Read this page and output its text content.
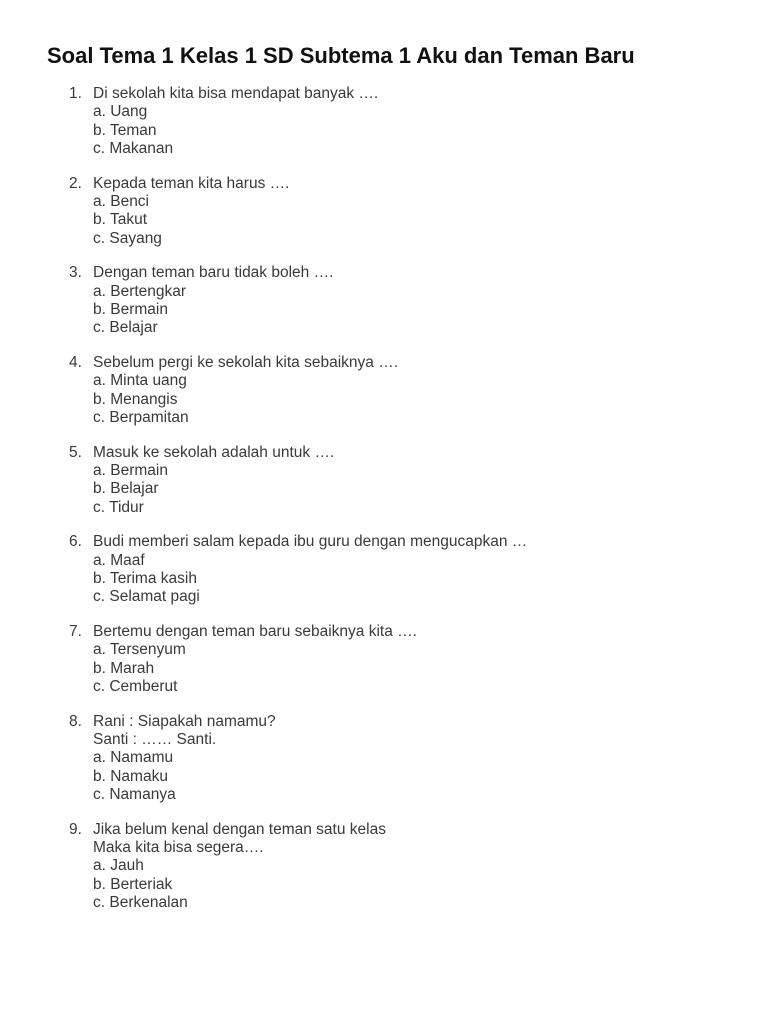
Soal Tema 1 Kelas 1 SD Subtema 1 Aku dan Teman Baru
1. Di sekolah kita bisa mendapat banyak ….
a. Uang
b. Teman
c. Makanan
2. Kepada teman kita harus ….
a. Benci
b. Takut
c. Sayang
3. Dengan teman baru tidak boleh ….
a. Bertengkar
b. Bermain
c. Belajar
4. Sebelum pergi ke sekolah kita sebaiknya ….
a. Minta uang
b. Menangis
c. Berpamitan
5. Masuk ke sekolah adalah untuk ….
a. Bermain
b. Belajar
c. Tidur
6. Budi memberi salam kepada ibu guru dengan mengucapkan …
a. Maaf
b. Terima kasih
c. Selamat pagi
7. Bertemu dengan teman baru sebaiknya kita ….
a. Tersenyum
b. Marah
c. Cemberut
8. Rani : Siapakah namamu?
Santi : …… Santi.
a. Namamu
b. Namaku
c. Namanya
9. Jika belum kenal dengan teman satu kelas
Maka kita bisa segera….
a. Jauh
b. Berteriak
c. Berkenalan
